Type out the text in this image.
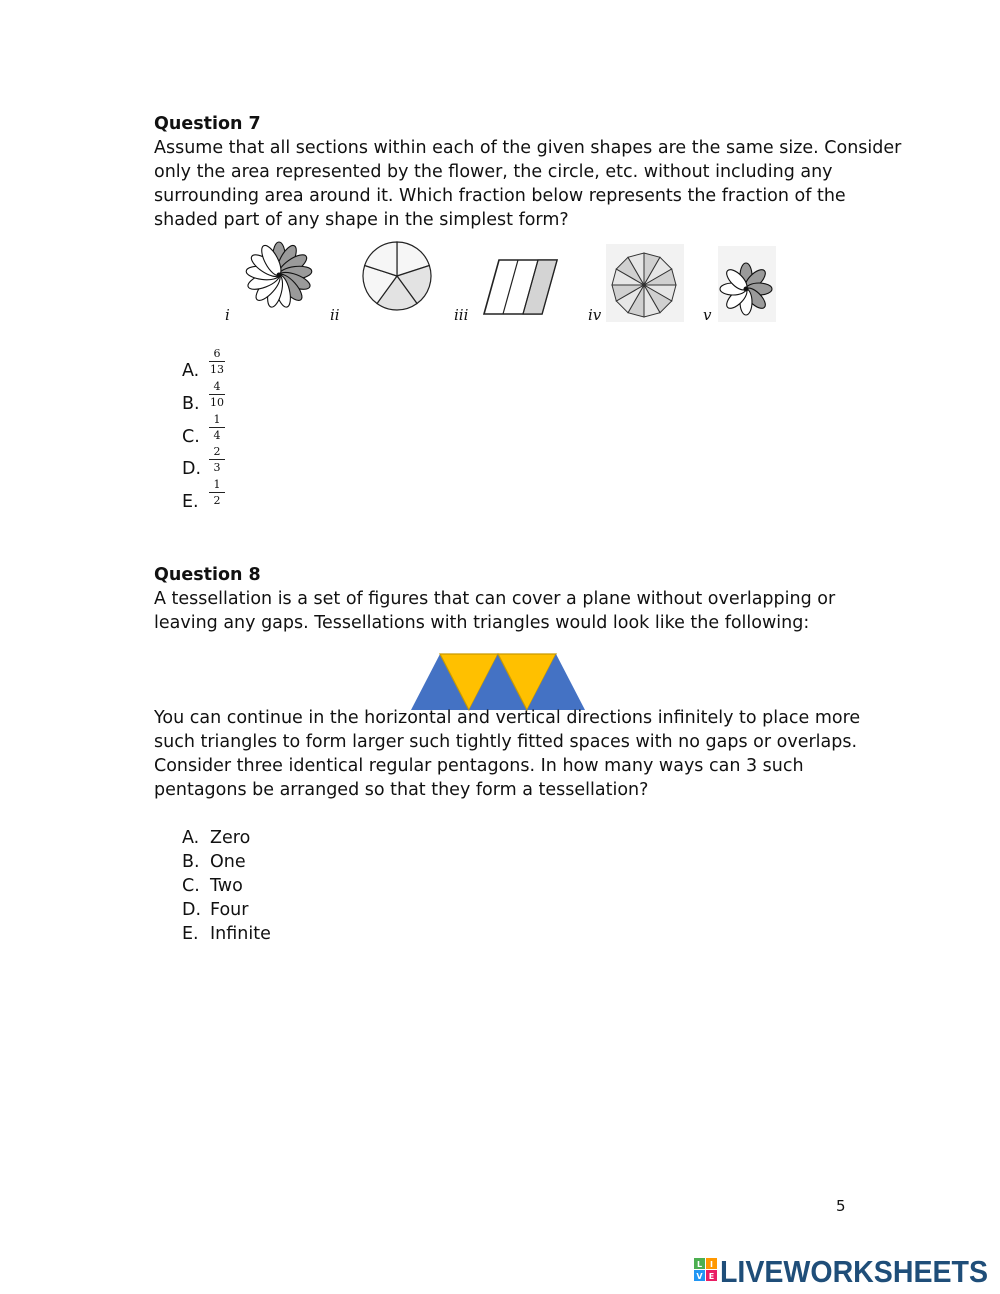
Question 7
Assume that all sections within each of the given shapes are the same size. Consider
only the area represented by the flower, the circle, etc. without including any
surrounding area around it. Which fraction below represents the fraction of the
shaded part of any shape in the simplest form?
i	ii	iii	iv	v
A.
6
13
B.
4
10
C.
1
4
D.
2
3
E.
1
2
Question 8
A tessellation is a set of figures that can cover a plane without overlapping or
leaving any gaps. Tessellations with triangles would look like the following:
You can continue in the horizontal and vertical directions infinitely to place more
such triangles to form larger such tightly fitted spaces with no gaps or overlaps.
Consider three identical regular pentagons. In how many ways can 3 such
pentagons be arranged so that they form a tessellation?
A. Zero
B. One
C. Two
D. Four
E. Infinite
5
L I
V E LIVEWORKSHEETS
